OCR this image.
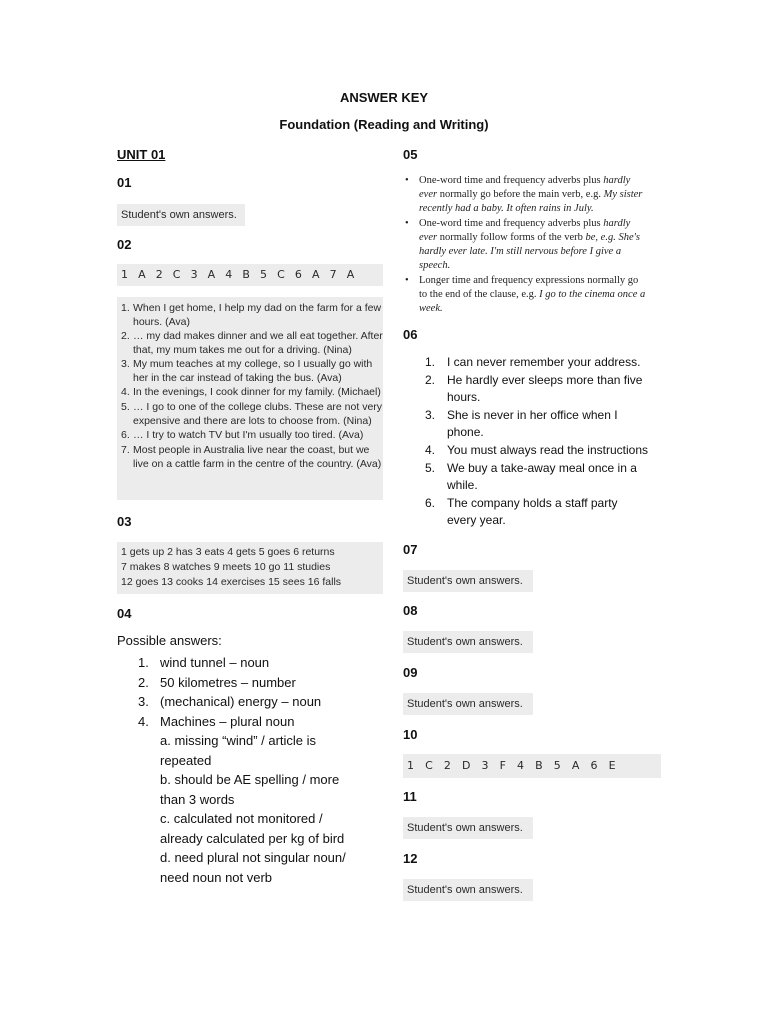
ANSWER KEY
Foundation (Reading and Writing)
UNIT 01
01
Student's own answers.
02
1 A 2 C 3 A 4 B 5 C 6 A 7 A
1. When I get home, I help my dad on the farm for a few hours. (Ava)
2. … my dad makes dinner and we all eat together. After that, my mum takes me out for a driving. (Nina)
3. My mum teaches at my college, so I usually go with her in the car instead of taking the bus. (Ava)
4. In the evenings, I cook dinner for my family. (Michael)
5. … I go to one of the college clubs. These are not very expensive and there are lots to choose from. (Nina)
6. … I try to watch TV but I'm usually too tired. (Ava)
7. Most people in Australia live near the coast, but we live on a cattle farm in the centre of the country. (Ava)
03
1 gets up 2 has 3 eats 4 gets 5 goes 6 returns
7 makes 8 watches 9 meets 10 go 11 studies
12 goes 13 cooks 14 exercises 15 sees 16 falls
04
Possible answers:
1. wind tunnel – noun
2. 50 kilometres – number
3. (mechanical) energy – noun
4. Machines – plural noun
a. missing “wind” / article is repeated
b. should be AE spelling / more than 3 words
c. calculated not monitored / already calculated per kg of bird
d. need plural not singular noun/ need noun not verb
05
• One-word time and frequency adverbs plus hardly ever normally go before the main verb, e.g. My sister recently had a baby. It often rains in July.
• One-word time and frequency adverbs plus hardly ever normally follow forms of the verb be, e.g. She's hardly ever late. I'm still nervous before I give a speech.
• Longer time and frequency expressions normally go to the end of the clause, e.g. I go to the cinema once a week.
06
1. I can never remember your address.
2. He hardly ever sleeps more than five hours.
3. She is never in her office when I phone.
4. You must always read the instructions
5. We buy a take-away meal once in a while.
6. The company holds a staff party every year.
07
Student's own answers.
08
Student's own answers.
09
Student's own answers.
10
1 C 2 D 3 F 4 B 5 A 6 E
11
Student's own answers.
12
Student's own answers.
